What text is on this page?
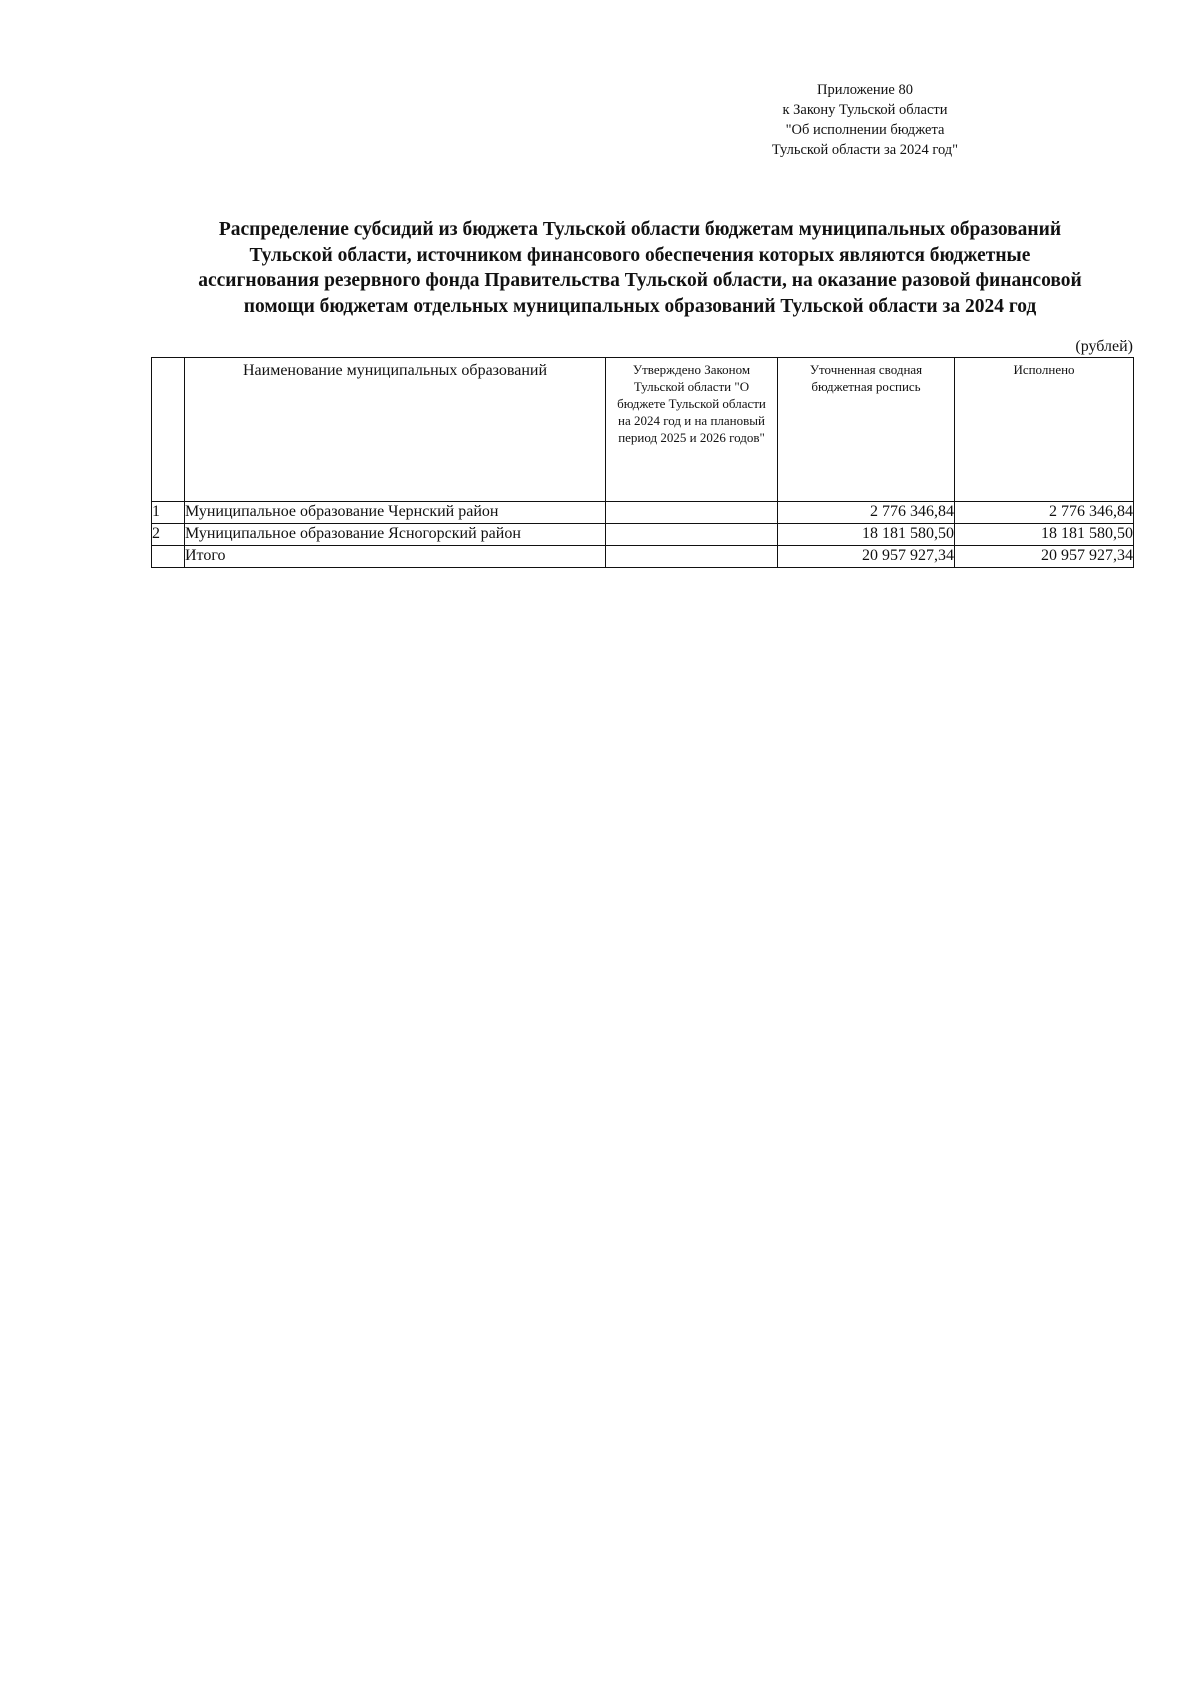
Приложение 80
к Закону Тульской области
"Об исполнении бюджета
Тульской области за 2024 год"
Распределение субсидий из бюджета Тульской области бюджетам муниципальных образований
Тульской области, источником финансового обеспечения которых являются бюджетные
ассигнования резервного фонда Правительства Тульской области, на оказание разовой финансовой
помощи бюджетам отдельных муниципальных образований Тульской области за 2024 год
(рублей)
	Наименование муниципальных образований	Утверждено Законом Тульской области "О бюджете Тульской области на 2024 год и на плановый период 2025 и 2026 годов"	Уточненная сводная бюджетная роспись	Исполнено
1	Муниципальное образование Чернский район		2 776 346,84	2 776 346,84
2	Муниципальное образование Ясногорский район		18 181 580,50	18 181 580,50
	Итого		20 957 927,34	20 957 927,34
